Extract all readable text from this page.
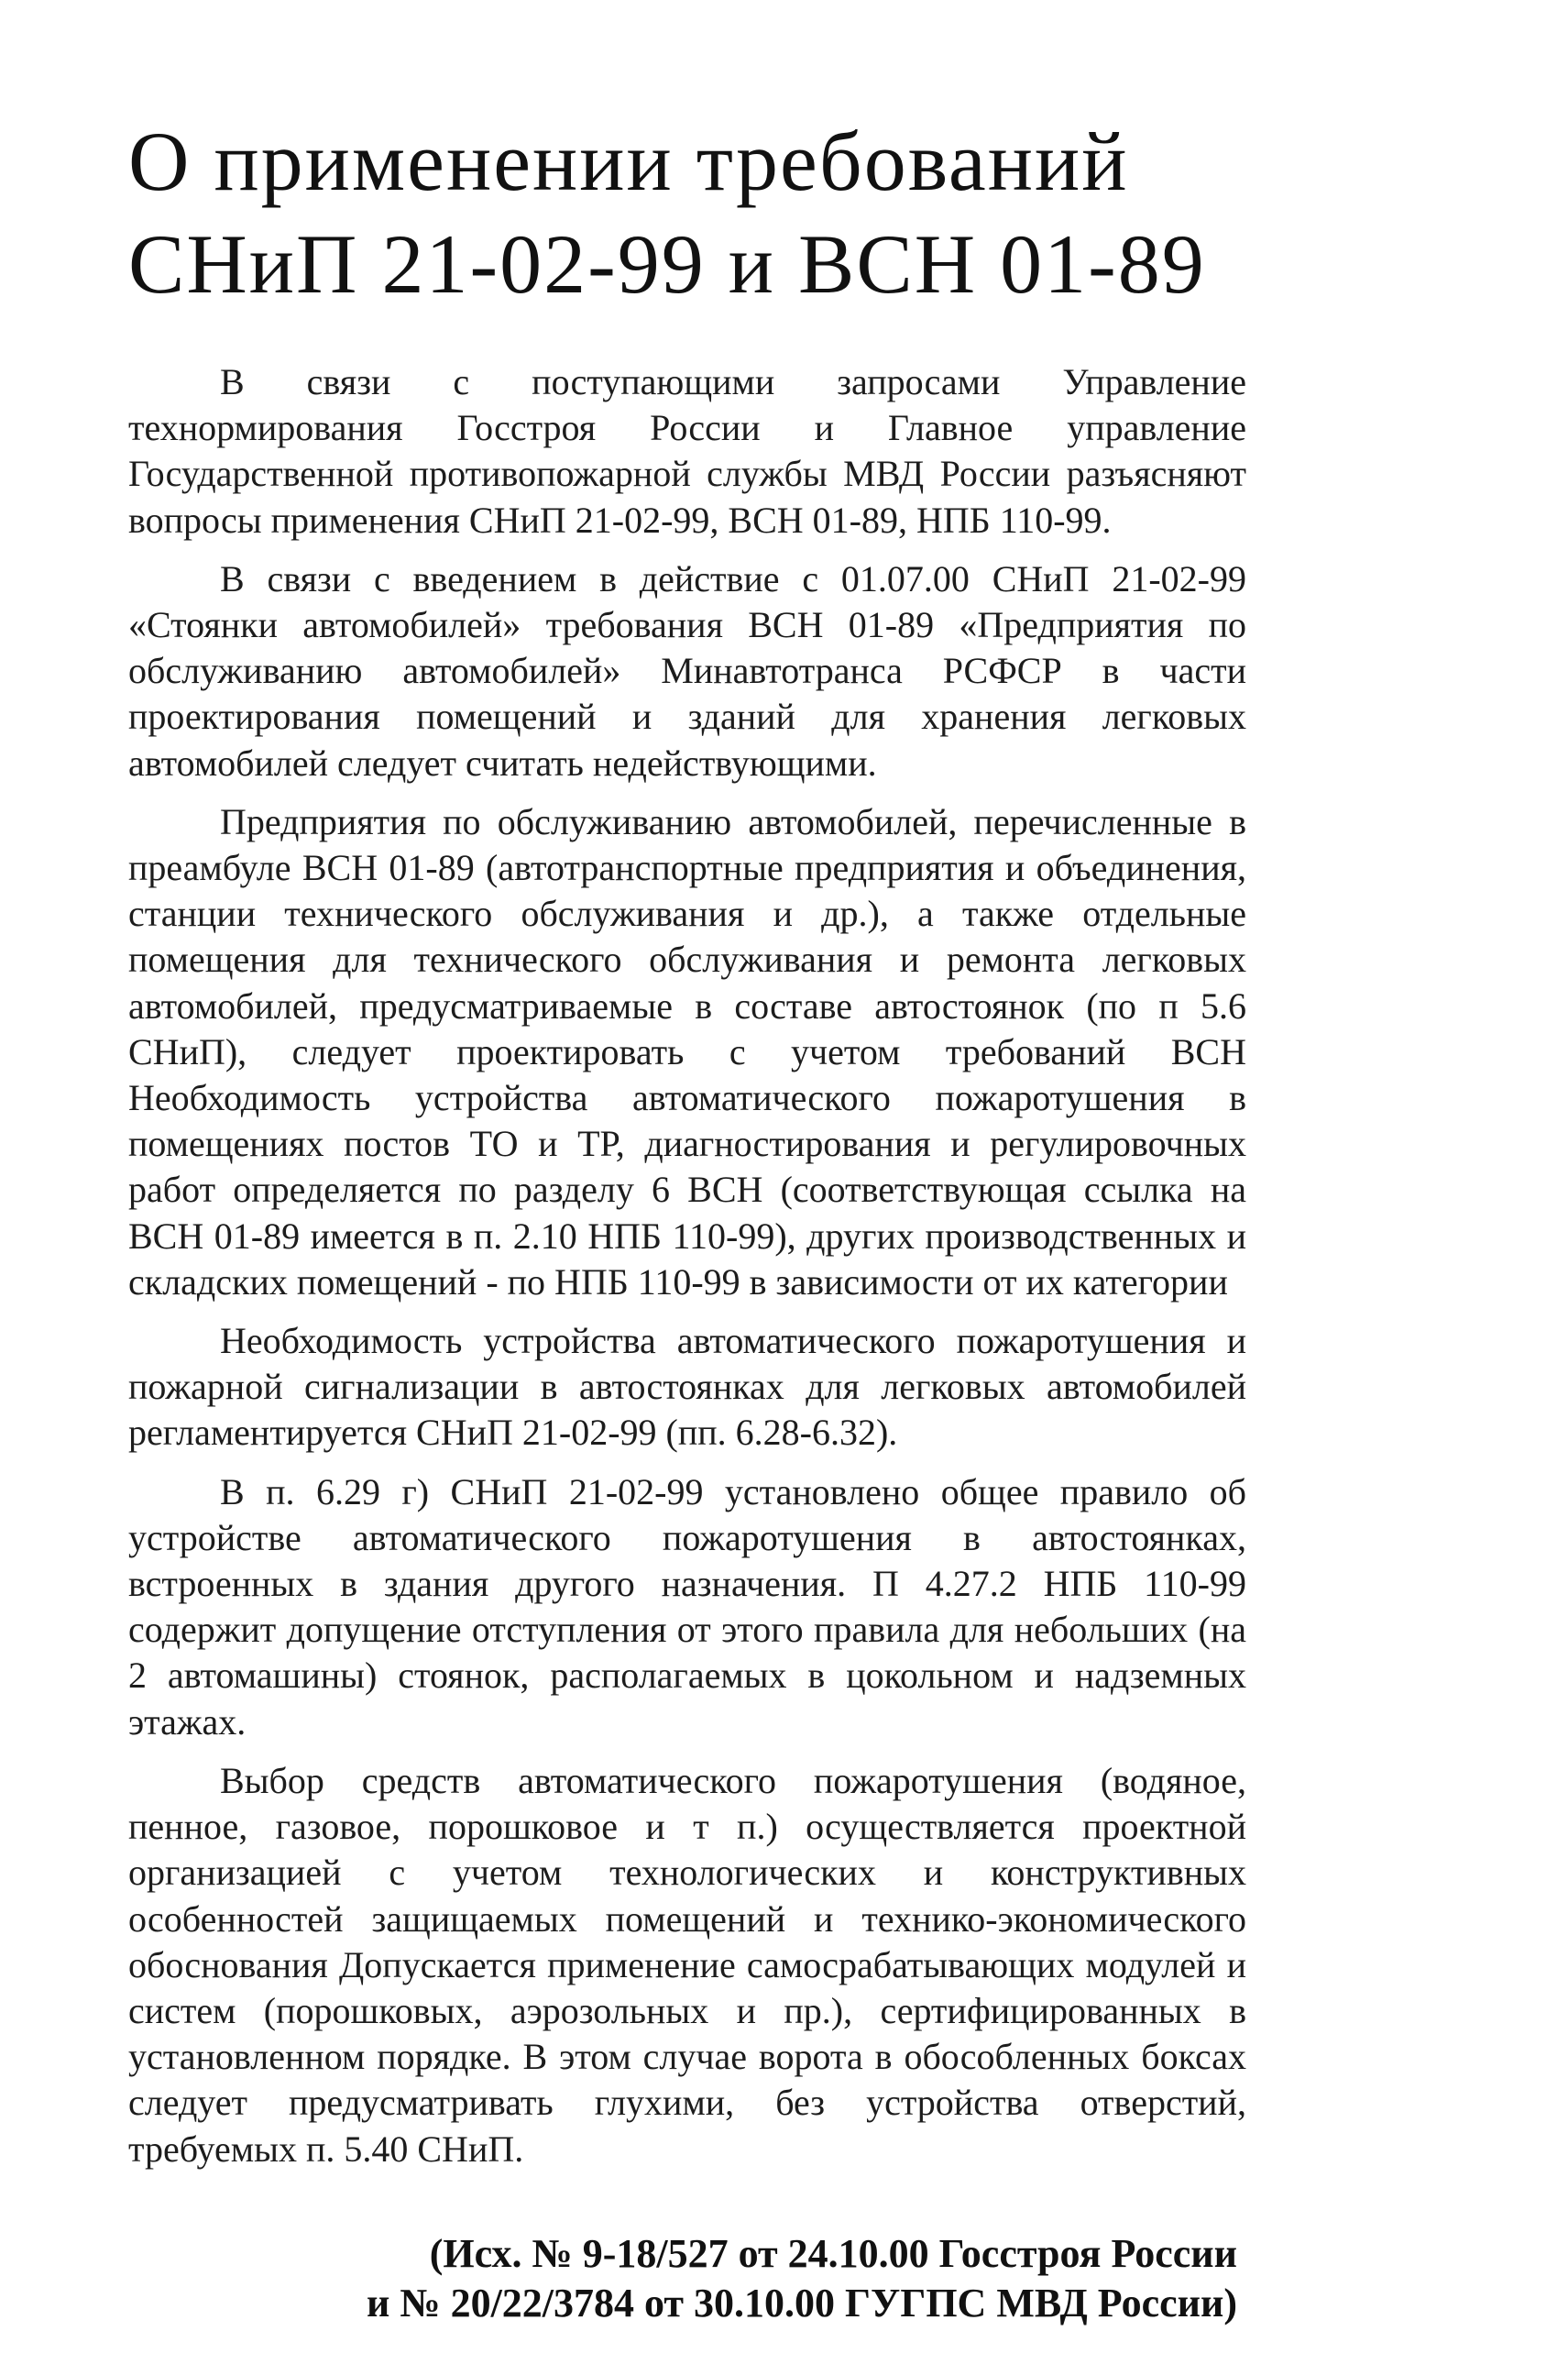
О применении требований
СНиП 21-02-99 и ВСН 01-89

В связи с поступающими запросами Управление технормирования Госстроя России и Главное управление Государственной противопожарной службы МВД России разъясняют вопросы применения СНиП 21-02-99, ВСН 01-89, НПБ 110-99.

В связи с введением в действие с 01.07.00 СНиП 21-02-99 «Стоянки автомобилей» требования ВСН 01-89 «Предприятия по обслуживанию автомобилей» Минавтотранса РСФСР в части проектирования помещений и зданий для хранения легковых автомобилей следует считать недействующими.

Предприятия по обслуживанию автомобилей, перечисленные в преамбуле ВСН 01-89 (автотранспортные предприятия и объединения, станции технического обслуживания и др.), а также отдельные помещения для технического обслуживания и ремонта легковых автомобилей, предусматриваемые в составе автостоянок (по п 5.6 СНиП), следует проектировать с учетом требований ВСН Необходимость устройства автоматического пожаротушения в помещениях постов ТО и ТР, диагностирования и регулировочных работ определяется по разделу 6 ВСН (соответствующая ссылка на ВСН 01-89 имеется в п. 2.10 НПБ 110-99), других производственных и складских помещений - по НПБ 110-99 в зависимости от их категории

Необходимость устройства автоматического пожаротушения и пожарной сигнализации в автостоянках для легковых автомобилей регламентируется СНиП 21-02-99 (пп. 6.28-6.32).

В п. 6.29 г) СНиП 21-02-99 установлено общее правило об устройстве автоматического пожаротушения в автостоянках, встроенных в здания другого назначения. П 4.27.2 НПБ 110-99 содержит допущение отступления от этого правила для небольших (на 2 автомашины) стоянок, располагаемых в цокольном и надземных этажах.

Выбор средств автоматического пожаротушения (водяное, пенное, газовое, порошковое и т п.) осуществляется проектной организацией с учетом технологических и конструктивных особенностей защищаемых помещений и технико-экономического обоснования Допускается применение самосрабатывающих модулей и систем (порошковых, аэрозольных и пр.), сертифицированных в установленном порядке. В этом случае ворота в обособленных боксах следует предусматривать глухими, без устройства отверстий, требуемых п. 5.40 СНиП.

(Исх. № 9-18/527 от 24.10.00 Госстроя России
и № 20/22/3784 от 30.10.00 ГУГПС МВД России)
